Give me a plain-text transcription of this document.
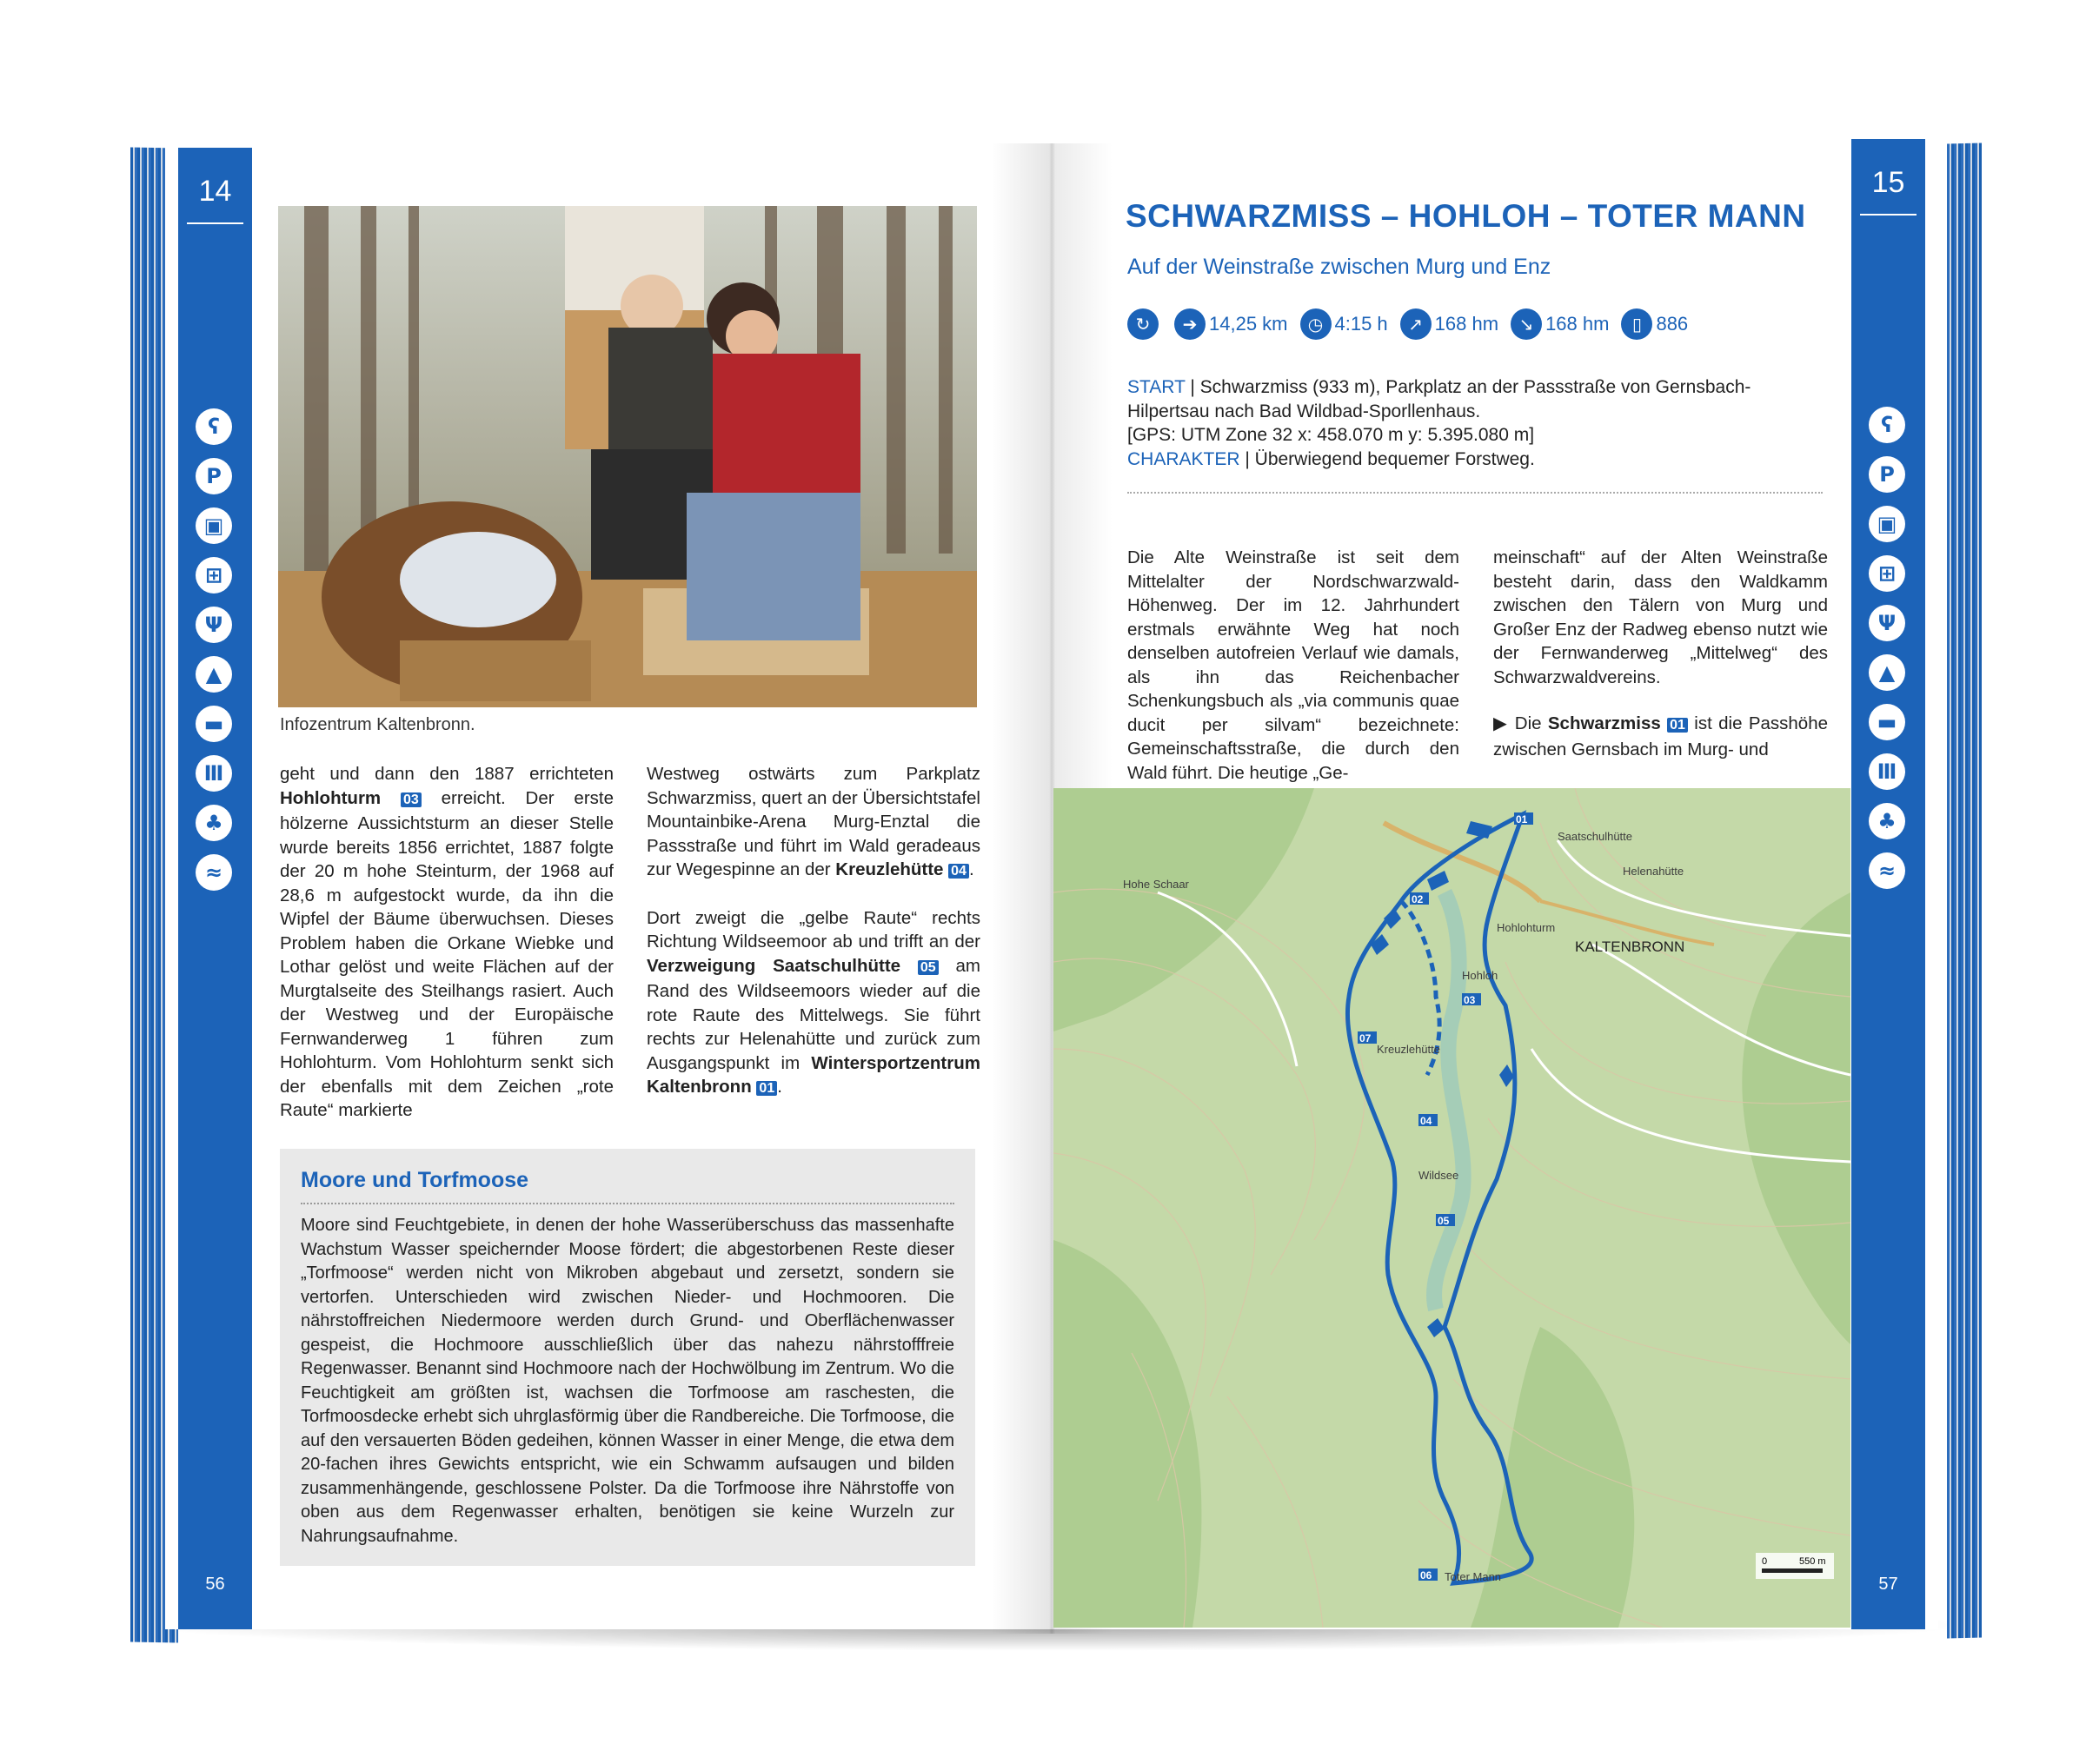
14
ʕ
P
▣
⊞
Ψ
▲
▬
Ⅲ
♣
≈
56
Infozentrum Kaltenbronn.
geht und dann den 1887 errichteten Hohlohturm 03 erreicht. Der erste hölzerne Aussichtsturm an dieser Stelle wurde bereits 1856 errichtet, 1887 folgte der 20 m hohe Steinturm, der 1968 auf 28,6 m aufgestockt wurde, da ihn die Wipfel der Bäume überwuchsen. Dieses Problem haben die Orkane Wiebke und Lothar gelöst und weite Flächen auf der Murgtalseite des Steilhangs rasiert. Auch der Westweg und der Europäische Fernwanderweg 1 führen zum Hohlohturm. Vom Hohlohturm senkt sich der ebenfalls mit dem Zeichen „rote Raute“ markierte

Westweg ostwärts zum Parkplatz Schwarzmiss, quert an der Übersichtstafel Mountainbike-Arena Murg-Enztal die Passstraße und führt im Wald geradeaus zur Wegespinne an der Kreuzlehütte 04 .

Dort zweigt die „gelbe Raute“ rechts Richtung Wildseemoor ab und trifft an der Verzweigung Saatschulhütte 05 am Rand des Wildseemoors wieder auf die rote Raute des Mittelwegs. Sie führt rechts zur Helenahütte und zurück zum Ausgangspunkt im Wintersportzentrum Kaltenbronn 01 .

Moore und Torfmoose
Moore sind Feuchtgebiete, in denen der hohe Wasserüberschuss das massenhafte Wachstum Wasser speichernder Moose fördert; die abgestorbenen Reste dieser „Torfmoose“ werden nicht von Mikroben abgebaut und zersetzt, sondern sie vertorfen. Unterschieden wird zwischen Nieder- und Hochmooren. Die nährstoffreichen Niedermoore werden durch Grund- und Oberflächenwasser gespeist, die Hochmoore ausschließlich über das nahezu nährstofffreie Regenwasser. Benannt sind Hochmoore nach der Hochwölbung im Zentrum. Wo die Feuchtigkeit am größten ist, wachsen die Torfmoose am raschesten, die Torfmoosdecke erhebt sich uhrglasförmig über die Randbereiche. Die Torfmoose, die auf den versauerten Böden gedeihen, können Wasser in einer Menge, die etwa dem 20-fachen ihres Gewichts entspricht, wie ein Schwamm aufsaugen und bilden zusammenhängende, geschlossene Polster. Da die Torfmoose ihre Nährstoffe von oben aus dem Regenwasser erhalten, benötigen sie keine Wurzeln zur Nahrungsaufnahme.
15
ʕ
P
▣
⊞
Ψ
▲
▬
Ⅲ
♣
≈
57
SCHWARZMISS – HOHLOH – TOTER MANN
Auf der Weinstraße zwischen Murg und Enz
↻	➔ 14,25 km	◷ 4:15 h	↗ 168 hm	↘ 168 hm	▯ 886
START | Schwarzmiss (933 m), Parkplatz an der Passstraße von Gernsbach-Hilpertsau nach Bad Wildbad-Sporllenhaus.
[GPS: UTM Zone 32 x: 458.070 m y: 5.395.080 m]
CHARAKTER | Überwiegend bequemer Forstweg.
Die Alte Weinstraße ist seit dem Mittelalter der Nordschwarzwald-Höhenweg. Der im 12. Jahrhundert erstmals erwähnte Weg hat noch denselben autofreien Verlauf wie damals, als ihn das Reichenbacher Schenkungsbuch als „via communis quae ducit per silvam“ bezeichnete: Gemeinschaftsstraße, die durch den Wald führt. Die heutige „Ge-

meinschaft“ auf der Alten Weinstraße besteht darin, dass den Waldkamm zwischen den Tälern von Murg und Großer Enz der Radweg ebenso nutzt wie der Fernwanderweg „Mittelweg“ des Schwarzwaldvereins.

▶ Die Schwarzmiss 01 ist die Passhöhe zwischen Gernsbach im Murg- und

01
02
03
04
05
06
07
KALTENBRONN
Hohlohturm
Hohloh
Hohe Schaar
Saatschulhütte
Toter Mann
Helenahütte
Kreuzlehütte
Wildsee
0	550 m
